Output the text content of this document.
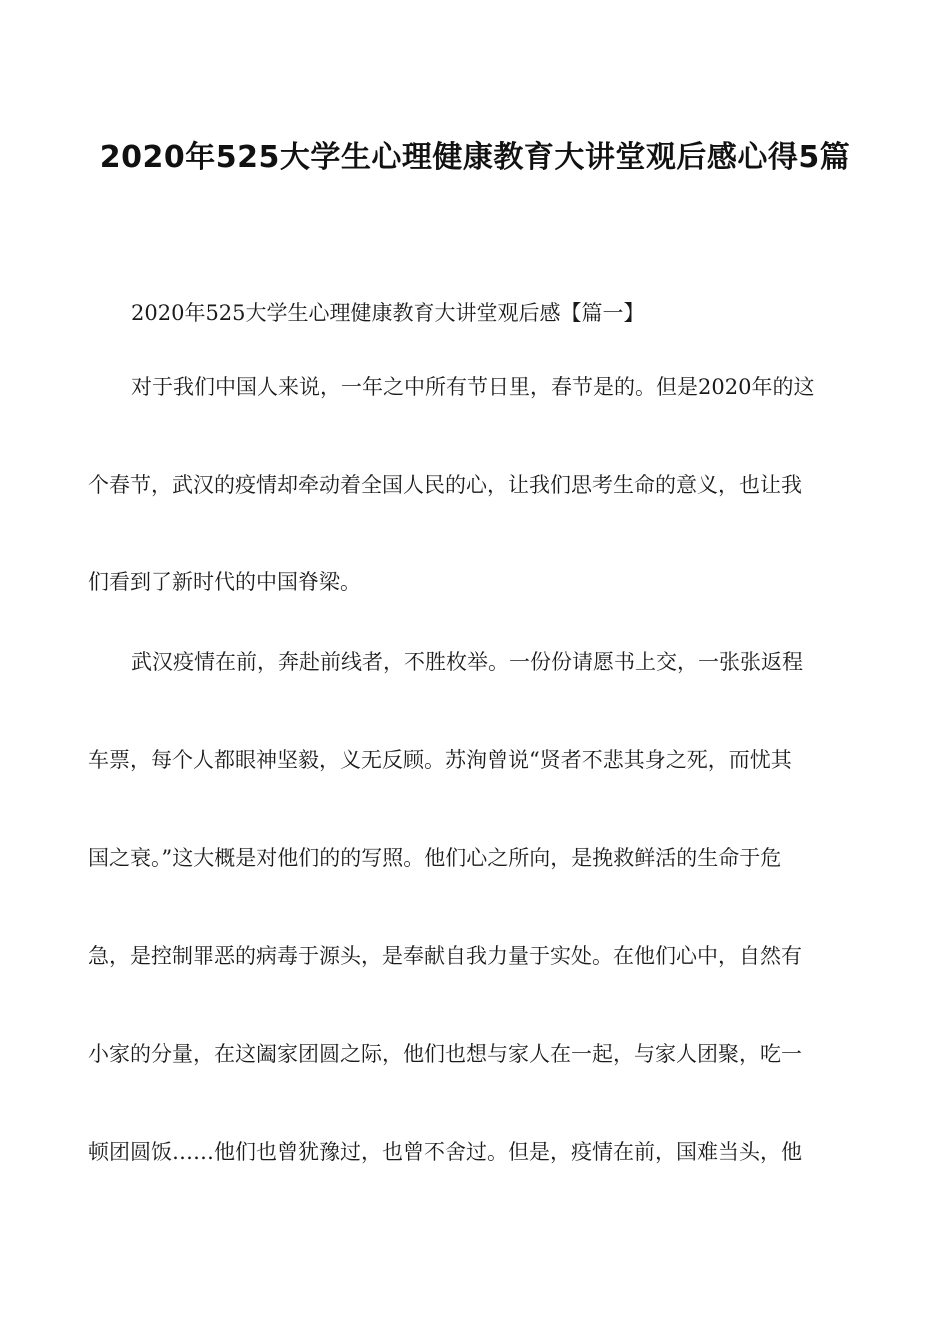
2020年525大学生心理健康教育大讲堂观后感心得5篇
2020年525大学生心理健康教育大讲堂观后感【篇一】
对于我们中国人来说，一年之中所有节日里，春节是的。但是2020年的这
个春节，武汉的疫情却牵动着全国人民的心，让我们思考生命的意义，也让我
们看到了新时代的中国脊梁。
武汉疫情在前，奔赴前线者，不胜枚举。一份份请愿书上交，一张张返程
车票，每个人都眼神坚毅，义无反顾。苏洵曾说“贤者不悲其身之死，而忧其
国之衰。”这大概是对他们的的写照。他们心之所向，是挽救鲜活的生命于危
急，是控制罪恶的病毒于源头，是奉献自我力量于实处。在他们心中，自然有
小家的分量，在这阖家团圆之际，他们也想与家人在一起，与家人团聚，吃一
顿团圆饭……他们也曾犹豫过，也曾不舍过。但是，疫情在前，国难当头，他
